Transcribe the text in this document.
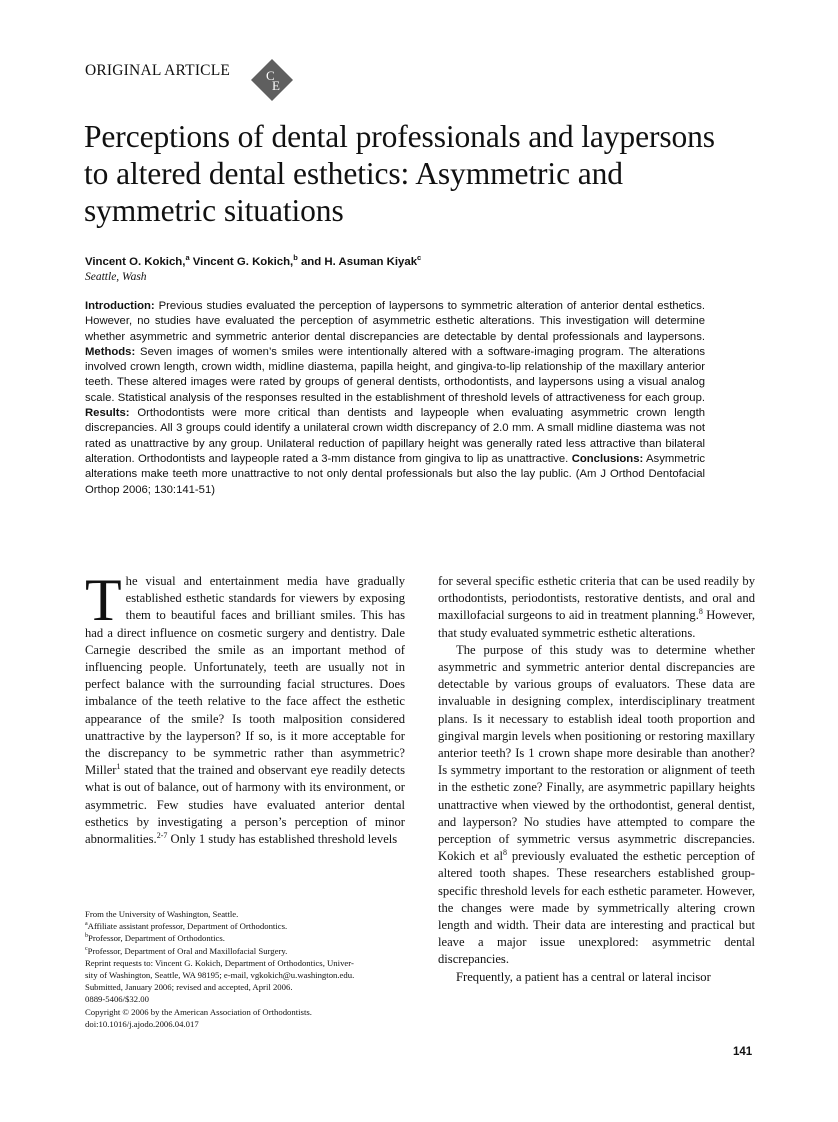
ORIGINAL ARTICLE	C
E
Perceptions of dental professionals and laypersons to altered dental esthetics: Asymmetric and symmetric situations
Vincent O. Kokich,$^a$ Vincent G. Kokich,$^b$ and H. Asuman Kiyak$^c$
Seattle, Wash

Introduction: Previous studies evaluated the perception of laypersons to symmetric alteration of anterior dental esthetics. However, no studies have evaluated the perception of asymmetric esthetic alterations. This investigation will determine whether asymmetric and symmetric anterior dental discrepancies are detectable by dental professionals and laypersons. Methods: Seven images of women’s smiles were intentionally altered with a software-imaging program. The alterations involved crown length, crown width, midline diastema, papilla height, and gingiva-to-lip relationship of the maxillary anterior teeth. These altered images were rated by groups of general dentists, orthodontists, and laypersons using a visual analog scale. Statistical analysis of the responses resulted in the establishment of threshold levels of attractiveness for each group. Results: Orthodontists were more critical than dentists and laypeople when evaluating asymmetric crown length discrepancies. All 3 groups could identify a unilateral crown width discrepancy of 2.0 mm. A small midline diastema was not rated as unattractive by any group. Unilateral reduction of papillary height was generally rated less attractive than bilateral alteration. Orthodontists and laypeople rated a 3-mm distance from gingiva to lip as unattractive. Conclusions: Asymmetric alterations make teeth more unattractive to not only dental professionals but also the lay public. (Am J Orthod Dentofacial Orthop 2006; 130:141-51)

The visual and entertainment media have gradually established esthetic standards for viewers by exposing them to beautiful faces and brilliant smiles. This has had a direct influence on cosmetic surgery and dentistry. Dale Carnegie described the smile as an important method of influencing people. Unfortunately, teeth are usually not in perfect balance with the surrounding facial structures. Does imbalance of the teeth relative to the face affect the esthetic appearance of the smile? Is tooth malposition considered unattractive by the layperson? If so, is it more acceptable for the discrepancy to be symmetric rather than asymmetric? Miller$^1$ stated that the trained and observant eye readily detects what is out of balance, out of harmony with its environment, or asymmetric. Few studies have evaluated anterior dental esthetics by investigating a person’s perception of minor abnormalities.$^{2-7}$ Only 1 study has established threshold levels

for several specific esthetic criteria that can be used readily by orthodontists, periodontists, restorative dentists, and oral and maxillofacial surgeons to aid in treatment planning.$^8$ However, that study evaluated symmetric esthetic alterations.

The purpose of this study was to determine whether asymmetric and symmetric anterior dental discrepancies are detectable by various groups of evaluators. These data are invaluable in designing complex, interdisciplinary treatment plans. Is it necessary to establish ideal tooth proportion and gingival margin levels when positioning or restoring maxillary anterior teeth? Is 1 crown shape more desirable than another? Is symmetry important to the restoration or alignment of teeth in the esthetic zone? Finally, are asymmetric papillary heights unattractive when viewed by the orthodontist, general dentist, and layperson? No studies have attempted to compare the perception of symmetric versus asymmetric discrepancies. Kokich et $al^8$ previously evaluated the esthetic perception of altered tooth shapes. These researchers established group-specific threshold levels for each esthetic parameter. However, the changes were made by symmetrically altering crown length and width. Their data are interesting and practical but leave a major issue unexplored: asymmetric dental discrepancies.

Frequently, a patient has a central or lateral incisor

From the University of Washington, Seattle.
$^a$Affiliate assistant professor, Department of Orthodontics.
$^b$Professor, Department of Orthodontics.
$^c$Professor, Department of Oral and Maxillofacial Surgery.
Reprint requests to: Vincent G. Kokich, Department of Orthodontics, Univer-
sity of Washington, Seattle, WA 98195; e-mail, vgkokich@u.washington.edu.
Submitted, January 2006; revised and accepted, April 2006.
0889-5406/$32.00
Copyright © 2006 by the American Association of Orthodontists.
doi:10.1016/j.ajodo.2006.04.017
141
